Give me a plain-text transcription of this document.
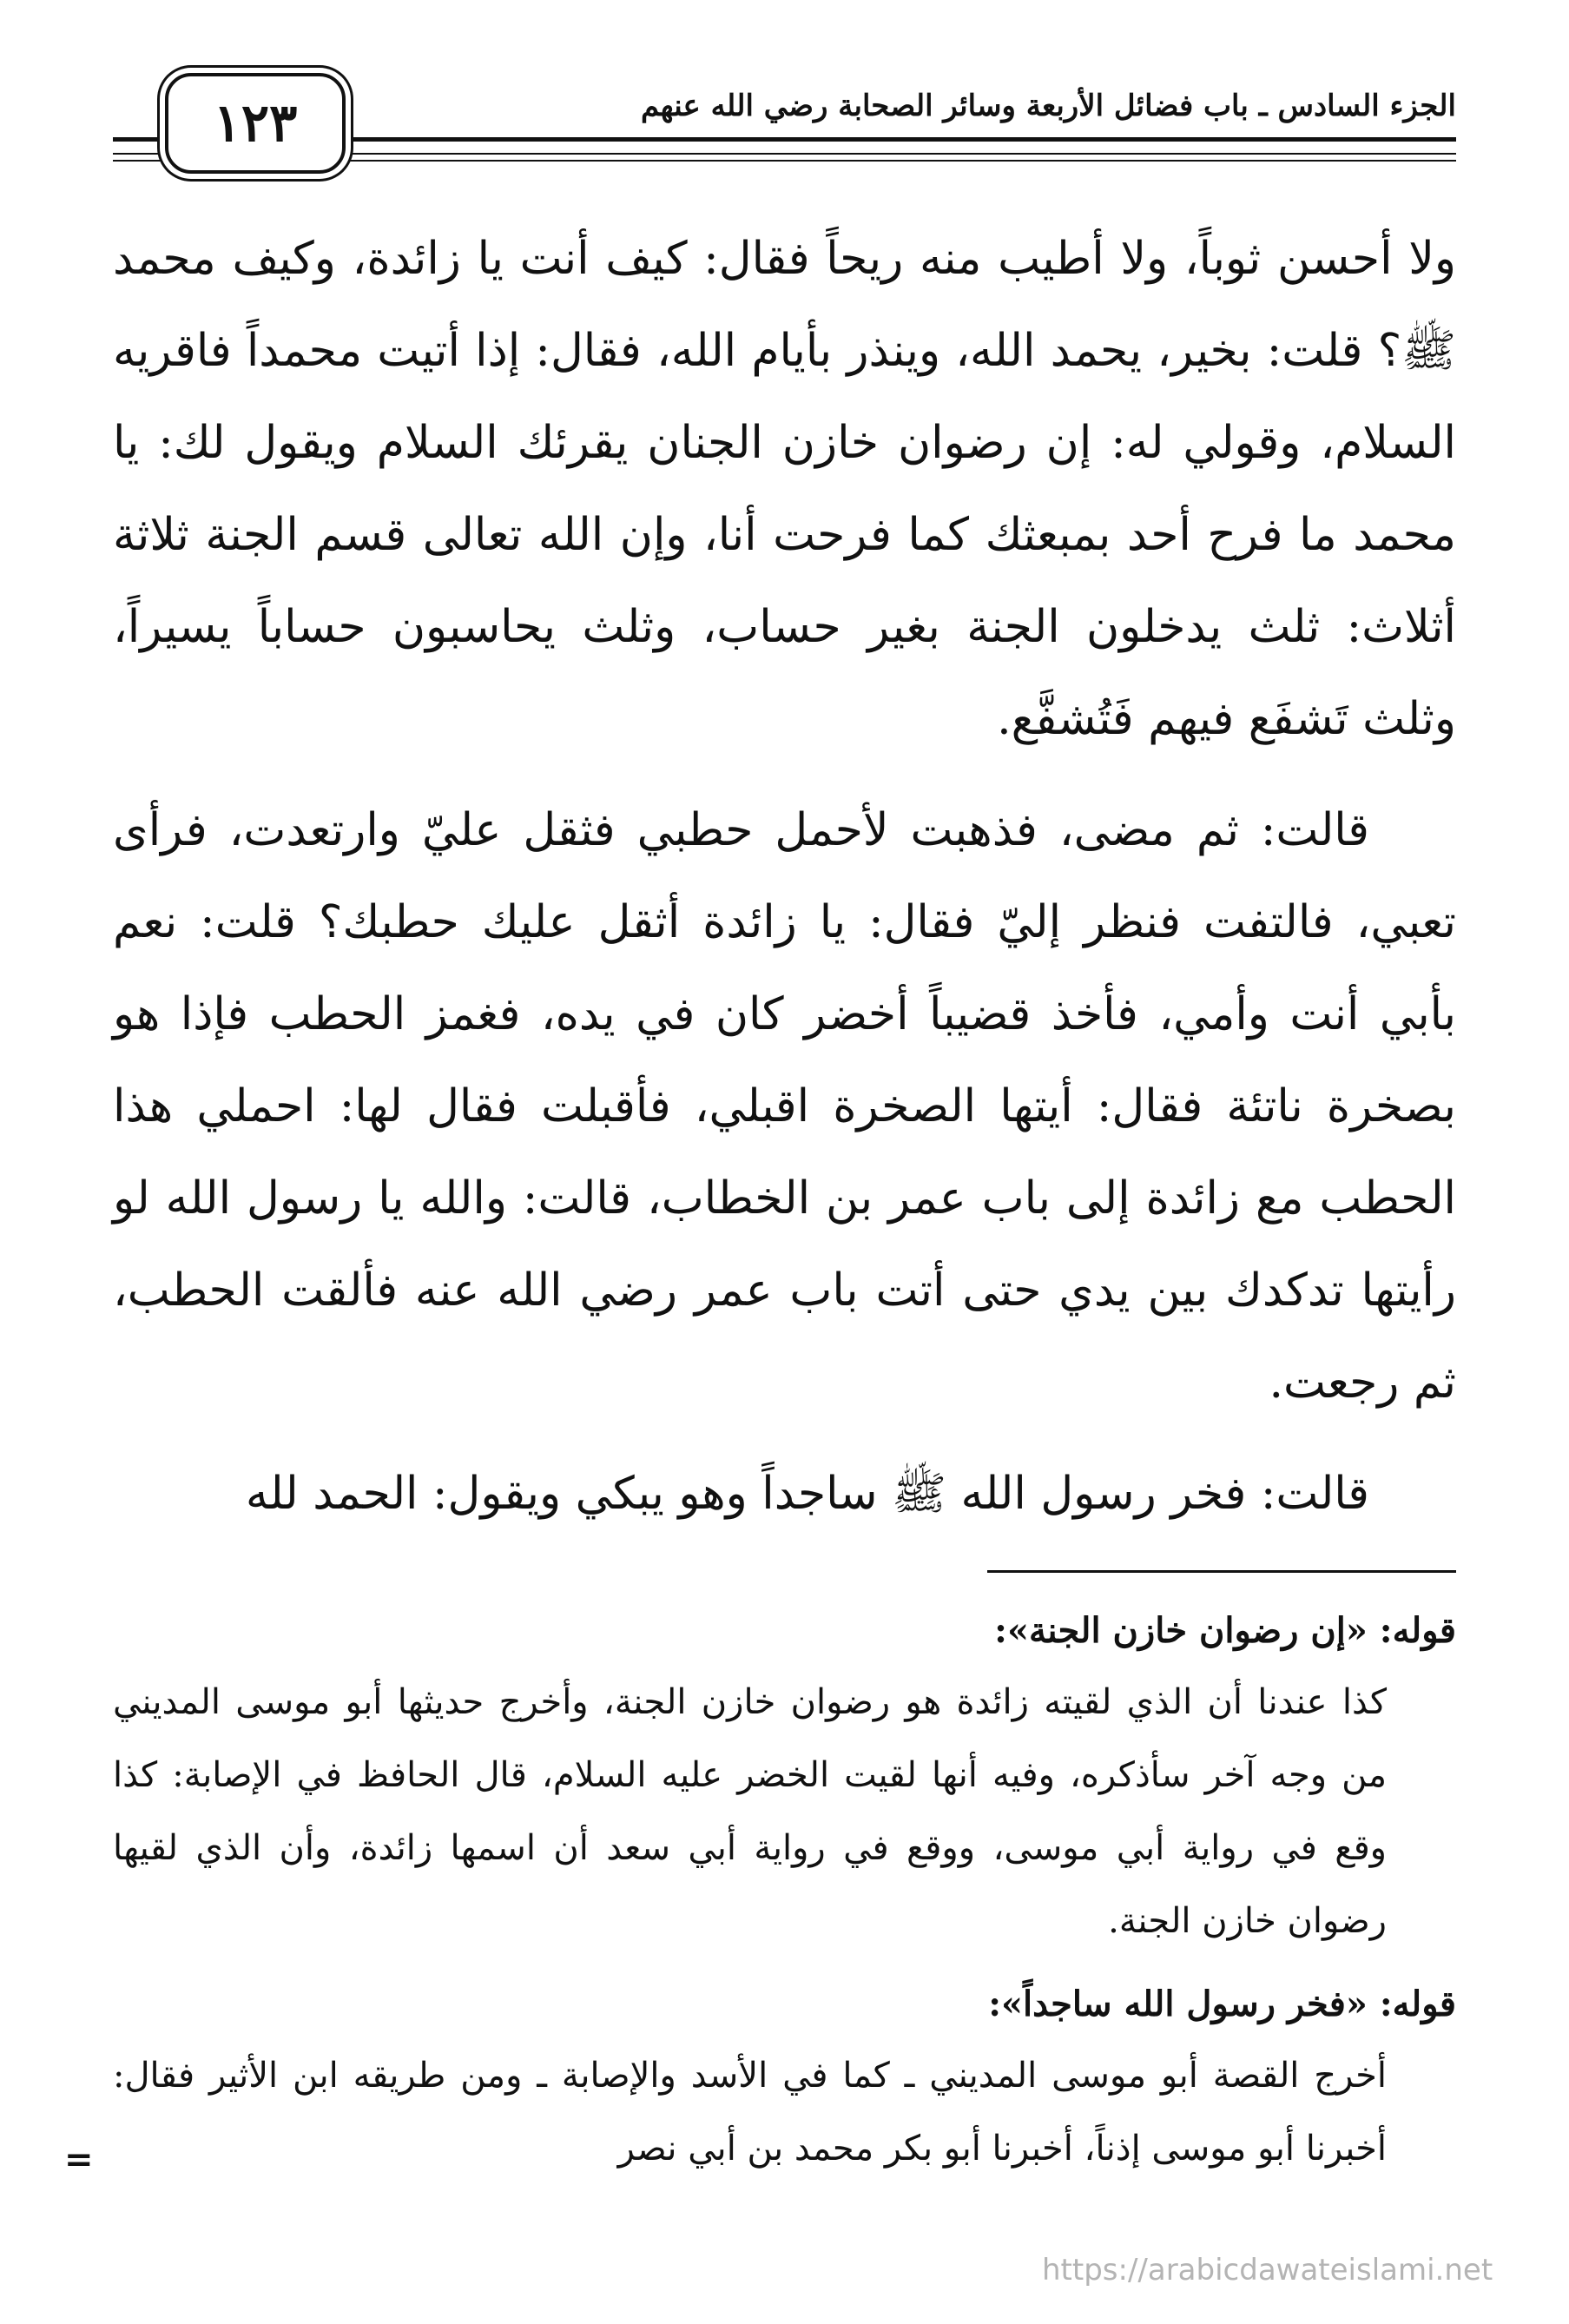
الجزء السادس ـ باب فضائل الأربعة وسائر الصحابة رضي الله عنهم
١٢٣

ولا أحسن ثوباً، ولا أطيب منه ريحاً فقال: كيف أنت يا زائدة، وكيف محمد ﷺ؟ قلت: بخير، يحمد الله، وينذر بأيام الله، فقال: إذا أتيت محمداً فاقريه السلام، وقولي له: إن رضوان خازن الجنان يقرئك السلام ويقول لك: يا محمد ما فرح أحد بمبعثك كما فرحت أنا، وإن الله تعالى قسم الجنة ثلاثة أثلاث: ثلث يدخلون الجنة بغير حساب، وثلث يحاسبون حساباً يسيراً، وثلث تَشفَع فيهم فَتُشفَّع.

قالت: ثم مضى، فذهبت لأحمل حطبي فثقل عليّ وارتعدت، فرأى تعبي، فالتفت فنظر إليّ فقال: يا زائدة أثقل عليك حطبك؟ قلت: نعم بأبي أنت وأمي، فأخذ قضيباً أخضر كان في يده، فغمز الحطب فإذا هو بصخرة ناتئة فقال: أيتها الصخرة اقبلي، فأقبلت فقال لها: احملي هذا الحطب مع زائدة إلى باب عمر بن الخطاب، قالت: والله يا رسول الله لو رأيتها تدكدك بين يدي حتى أتت باب عمر رضي الله عنه فألقت الحطب، ثم رجعت.

قالت: فخر رسول الله ﷺ ساجداً وهو يبكي ويقول: الحمد لله

قوله: «إن رضوان خازن الجنة»:

كذا عندنا أن الذي لقيته زائدة هو رضوان خازن الجنة، وأخرج حديثها أبو موسى المديني من وجه آخر سأذكره، وفيه أنها لقيت الخضر عليه السلام، قال الحافظ في الإصابة: كذا وقع في رواية أبي موسى، ووقع في رواية أبي سعد أن اسمها زائدة، وأن الذي لقيها رضوان خازن الجنة.

قوله: «فخر رسول الله ساجداً»:

أخرج القصة أبو موسى المديني ـ كما في الأسد والإصابة ـ ومن طريقه ابن الأثير فقال: أخبرنا أبو موسى إذناً، أخبرنا أبو بكر محمد بن أبي نصر

=
https://arabicdawateislami.net
